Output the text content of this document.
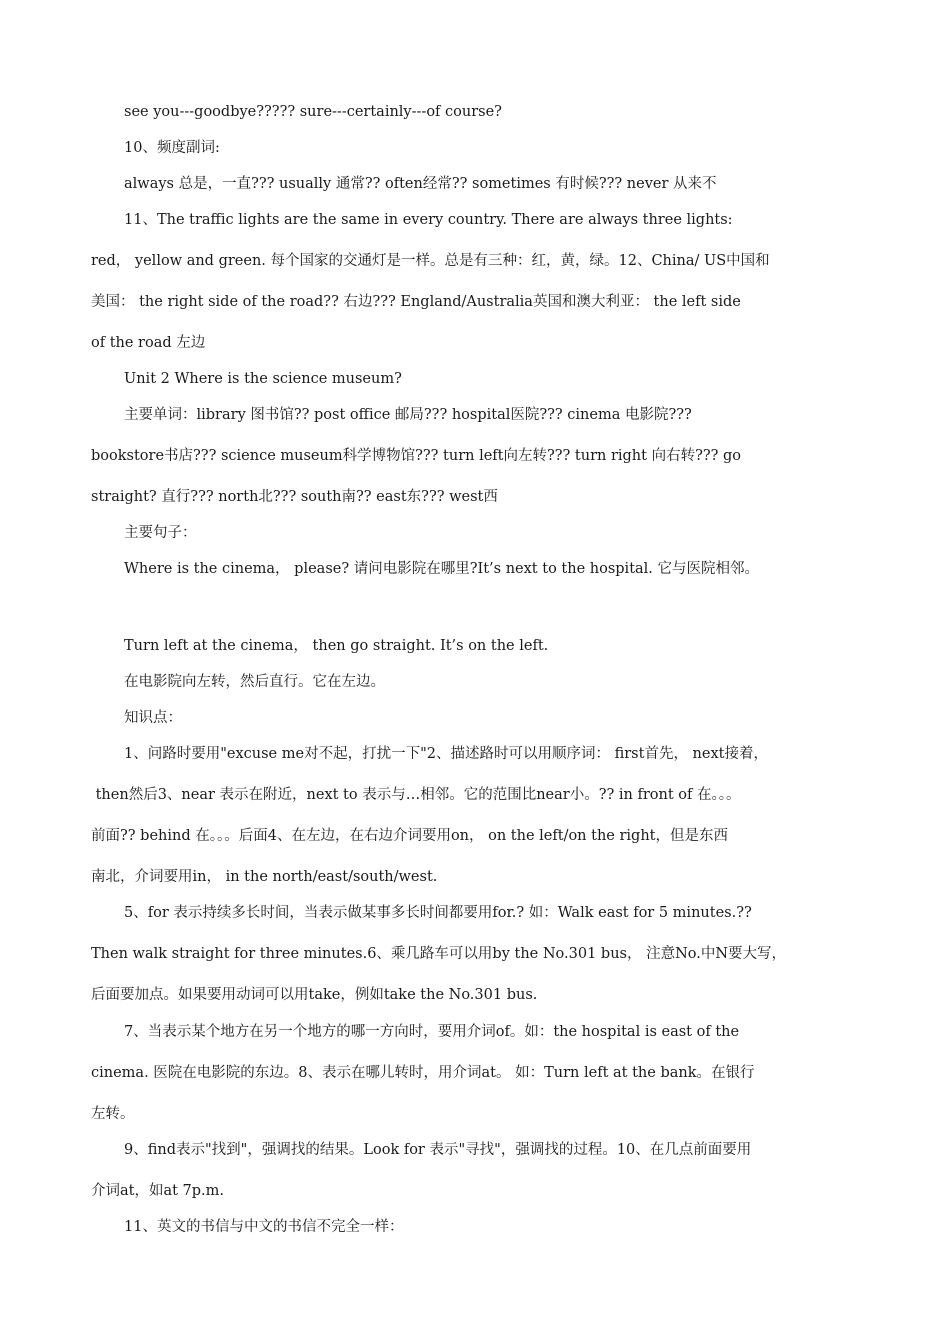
see you---goodbye????? sure---certainly---of course?
10、频度副词:
always 总是，一直??? usually 通常?? often经常?? sometimes 有时候??? never 从来不
11、The traffic lights are the same in every country. There are always three lights:
red， yellow and green. 每个国家的交通灯是一样。总是有三种：红，黄，绿。12、China/ US中国和
美国： the right side of the road?? 右边??? England/Australia英国和澳大利亚： the left side
of the road 左边
Unit 2 Where is the science museum?
主要单词：library 图书馆?? post office 邮局??? hospital医院??? cinema 电影院???
bookstore书店??? science museum科学博物馆??? turn left向左转??? turn right 向右转??? go
straight? 直行??? north北??? south南?? east东??? west西
主要句子：
Where is the cinema， please? 请问电影院在哪里?It’s next to the hospital. 它与医院相邻。
Turn left at the cinema， then go straight. It’s on the left.
在电影院向左转，然后直行。它在左边。
知识点：
1、问路时要用"excuse me对不起，打扰一下"2、描述路时可以用顺序词： first首先， next接着，
then然后3、near 表示在附近，next to 表示与…相邻。它的范围比near小。?? in front of 在。。。
前面?? behind 在。。。后面4、在左边，在右边介词要用on， on the left/on the right，但是东西
南北，介词要用in， in the north/east/south/west.
5、for 表示持续多长时间，当表示做某事多长时间都要用for.? 如：Walk east for 5 minutes.??
Then walk straight for three minutes.6、乘几路车可以用by the No.301 bus， 注意No.中N要大写，
后面要加点。如果要用动词可以用take，例如take the No.301 bus.
7、当表示某个地方在另一个地方的哪一方向时，要用介词of。如：the hospital is east of the
cinema. 医院在电影院的东边。8、表示在哪儿转时，用介词at。 如：Turn left at the bank。在银行
左转。
9、find表示"找到"，强调找的结果。Look for 表示"寻找"，强调找的过程。10、在几点前面要用
介词at，如at 7p.m.
11、英文的书信与中文的书信不完全一样：
